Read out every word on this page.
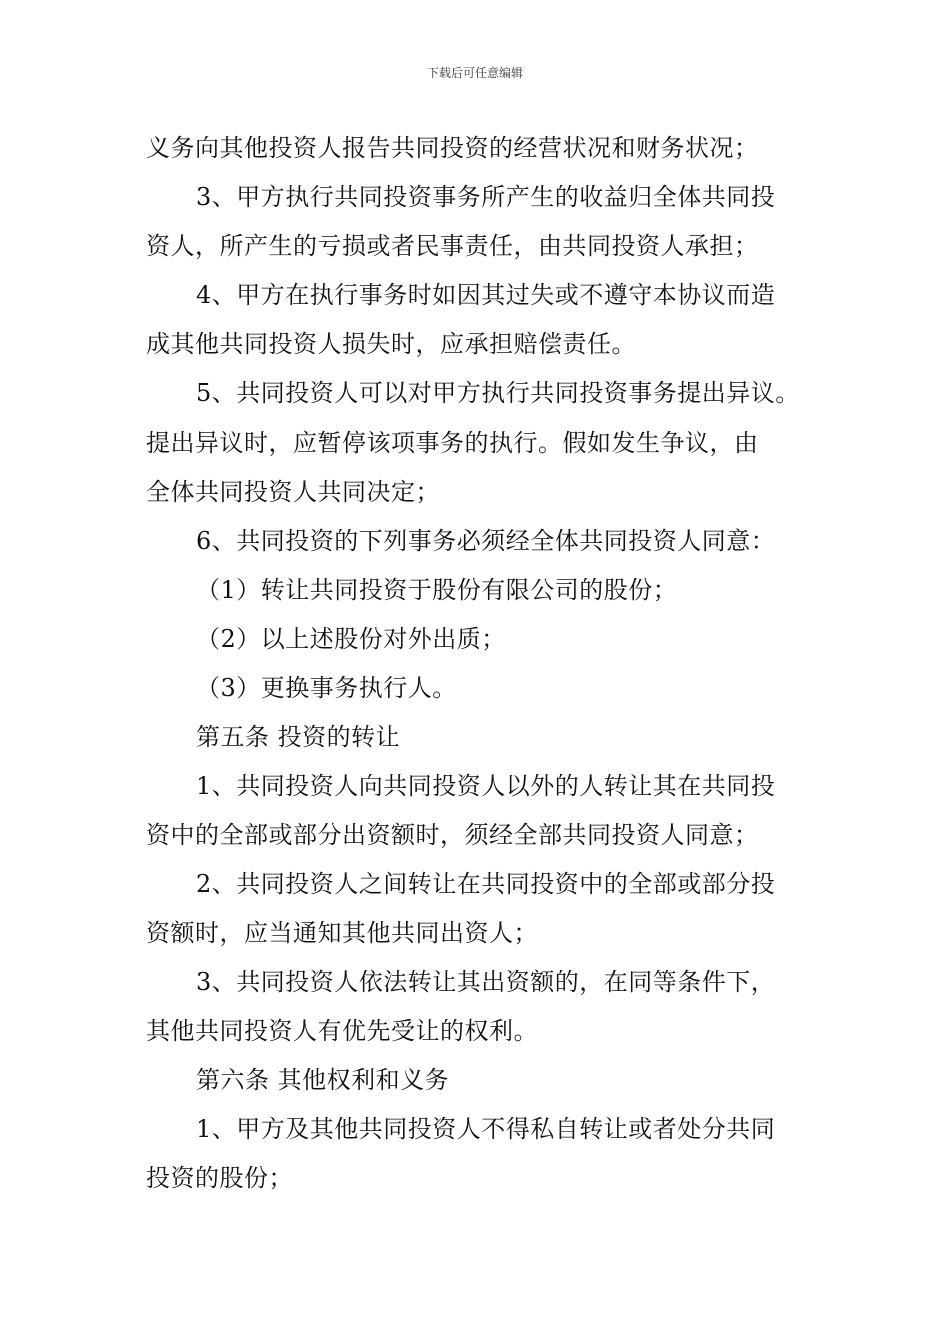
下载后可任意编辑
义务向其他投资人报告共同投资的经营状况和财务状况；
3、甲方执行共同投资事务所产生的收益归全体共同投
资人，所产生的亏损或者民事责任，由共同投资人承担；
4、甲方在执行事务时如因其过失或不遵守本协议而造
成其他共同投资人损失时，应承担赔偿责任。
5、共同投资人可以对甲方执行共同投资事务提出异议。
提出异议时，应暂停该项事务的执行。假如发生争议，由
全体共同投资人共同决定；
6、共同投资的下列事务必须经全体共同投资人同意：
（1）转让共同投资于股份有限公司的股份；
（2）以上述股份对外出质；
（3）更换事务执行人。
第五条 投资的转让
1、共同投资人向共同投资人以外的人转让其在共同投
资中的全部或部分出资额时，须经全部共同投资人同意；
2、共同投资人之间转让在共同投资中的全部或部分投
资额时，应当通知其他共同出资人；
3、共同投资人依法转让其出资额的，在同等条件下，
其他共同投资人有优先受让的权利。
第六条 其他权利和义务
1、甲方及其他共同投资人不得私自转让或者处分共同
投资的股份；
